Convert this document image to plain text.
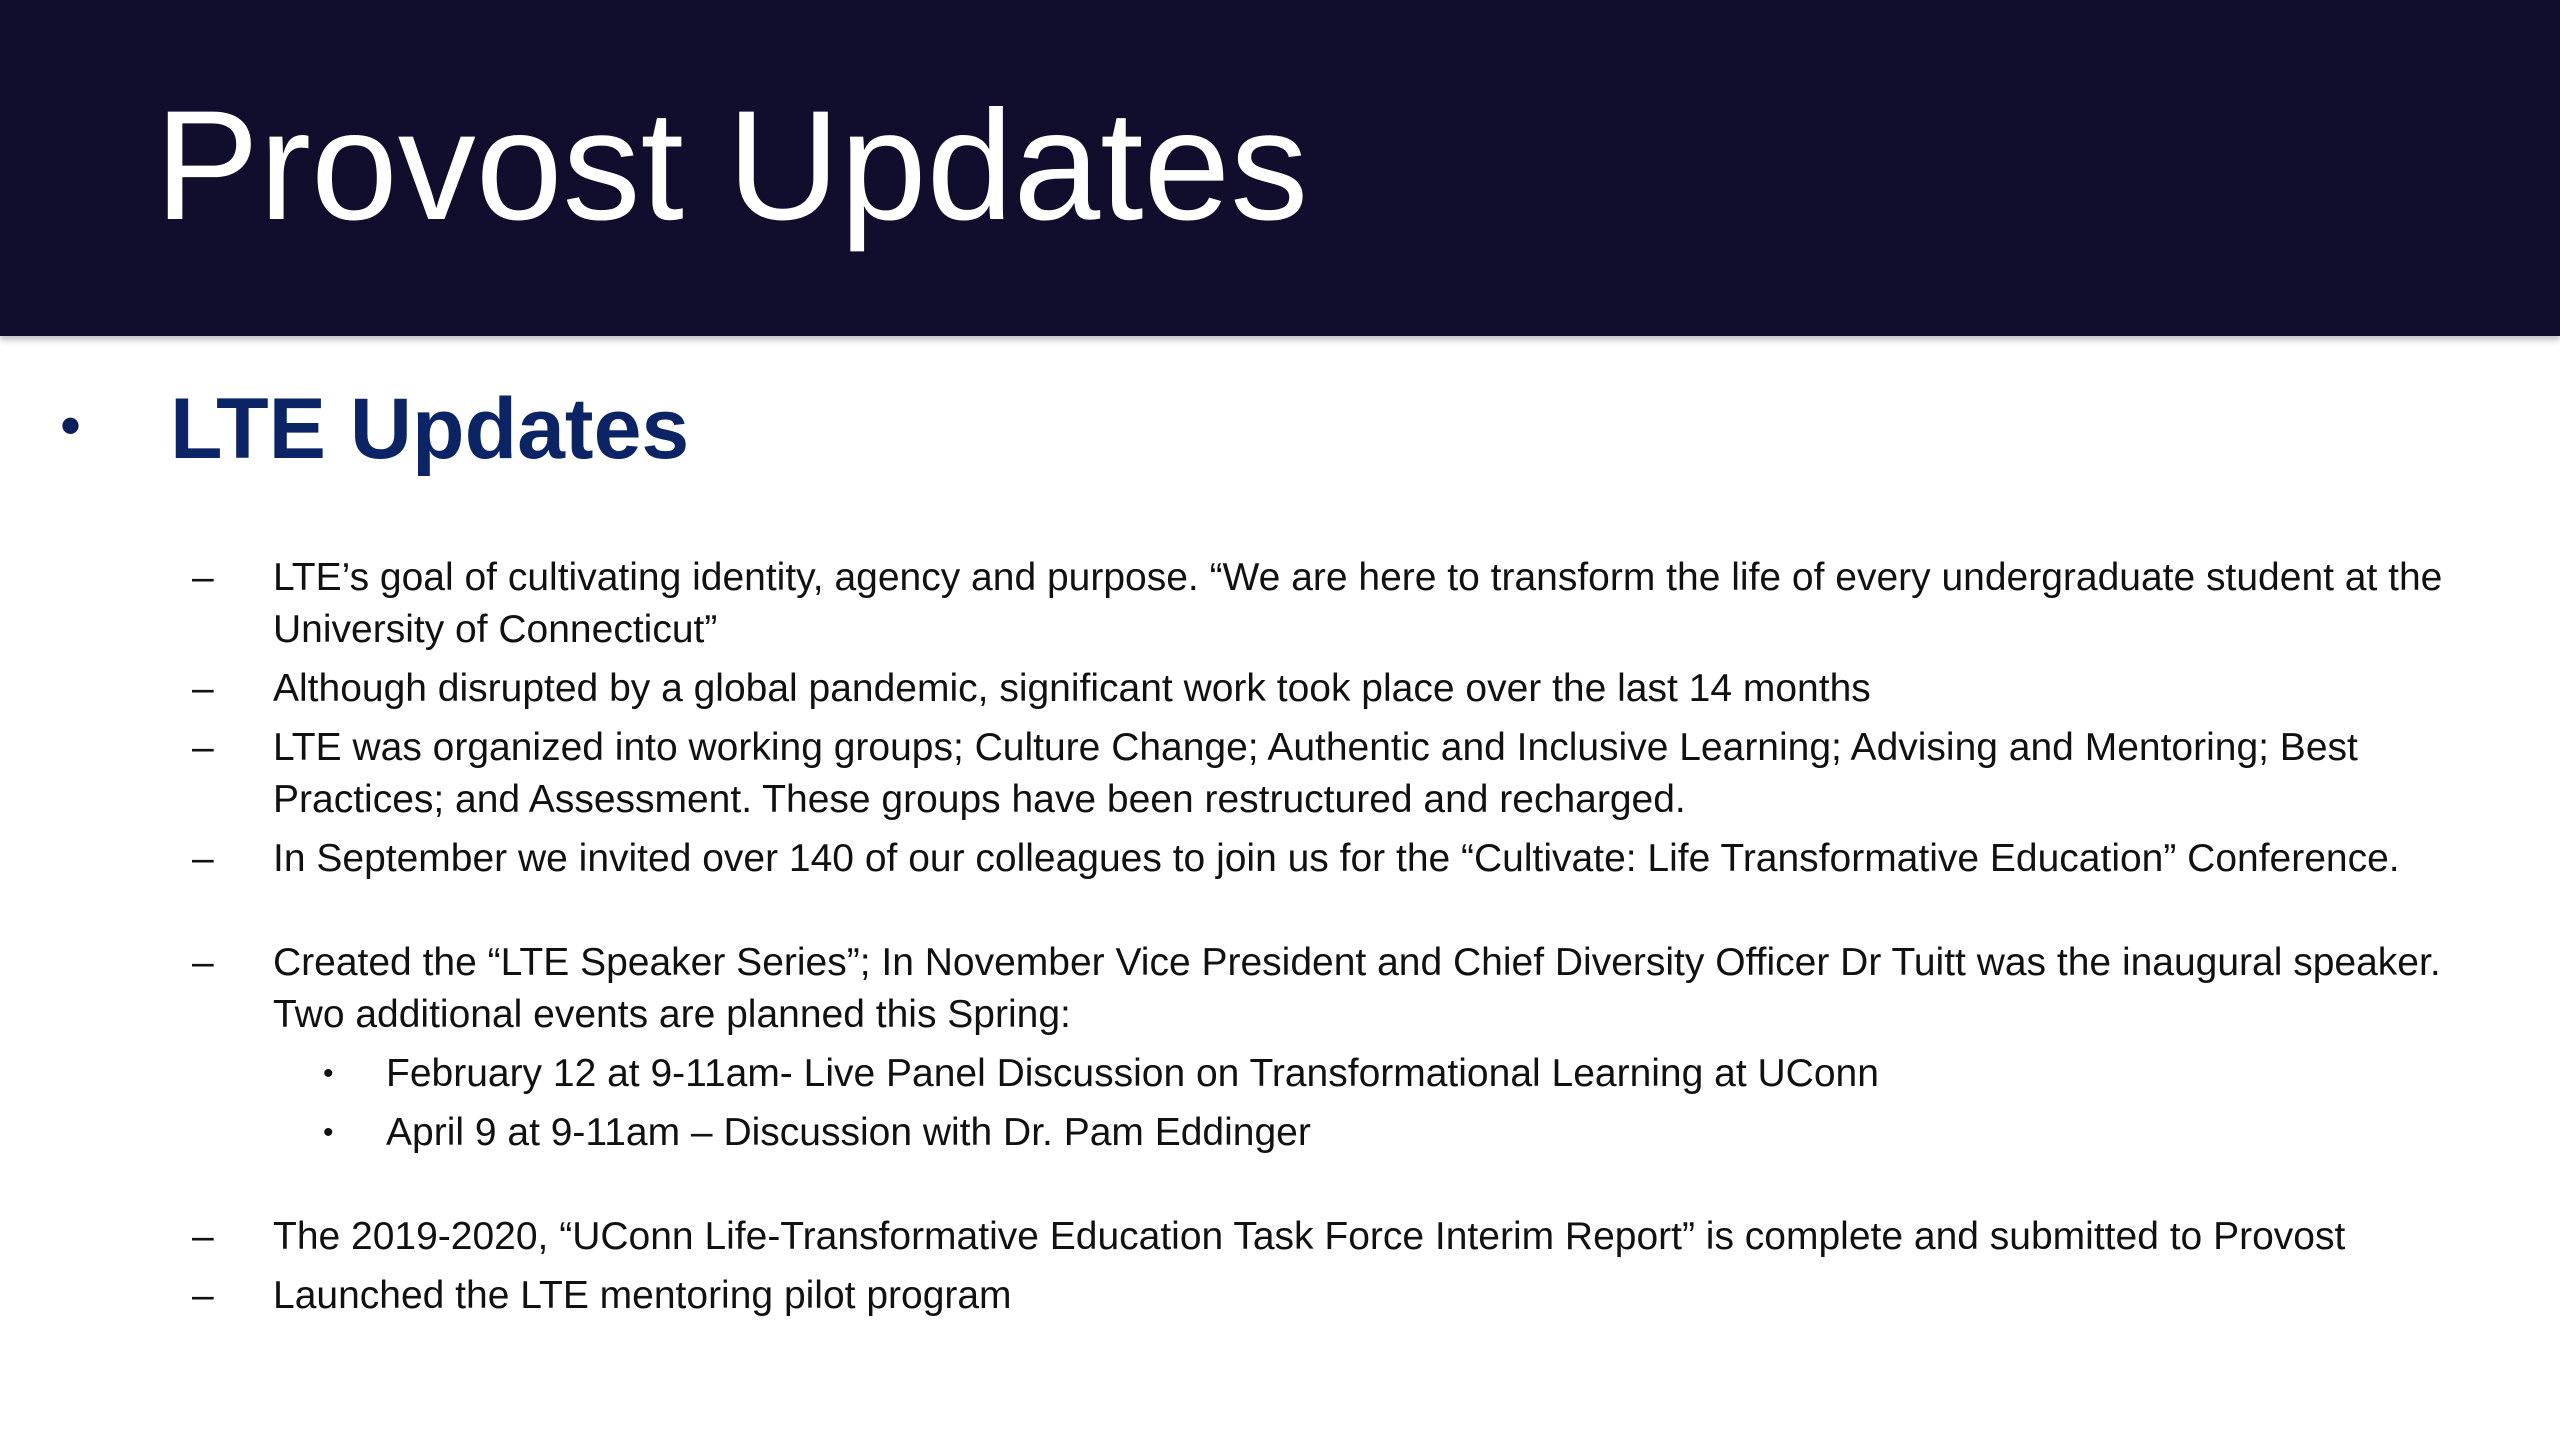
Provost Updates
• LTE Updates
– LTE’s goal of cultivating identity, agency and purpose. “We are here to transform the life of every undergraduate student at the University of Connecticut”
– Although disrupted by a global pandemic, significant work took place over the last 14 months
– LTE was organized into working groups; Culture Change; Authentic and Inclusive Learning; Advising and Mentoring; Best Practices; and Assessment. These groups have been restructured and recharged.
– In September we invited over 140 of our colleagues to join us for the “Cultivate: Life Transformative Education” Conference.
– Created the “LTE Speaker Series”; In November Vice President and Chief Diversity Officer Dr Tuitt was the inaugural speaker. Two additional events are planned this Spring:
• February 12 at 9-11am- Live Panel Discussion on Transformational Learning at UConn
• April 9 at 9-11am – Discussion with Dr. Pam Eddinger
– The 2019-2020, “UConn Life-Transformative Education Task Force Interim Report” is complete and submitted to Provost
– Launched the LTE mentoring pilot program
